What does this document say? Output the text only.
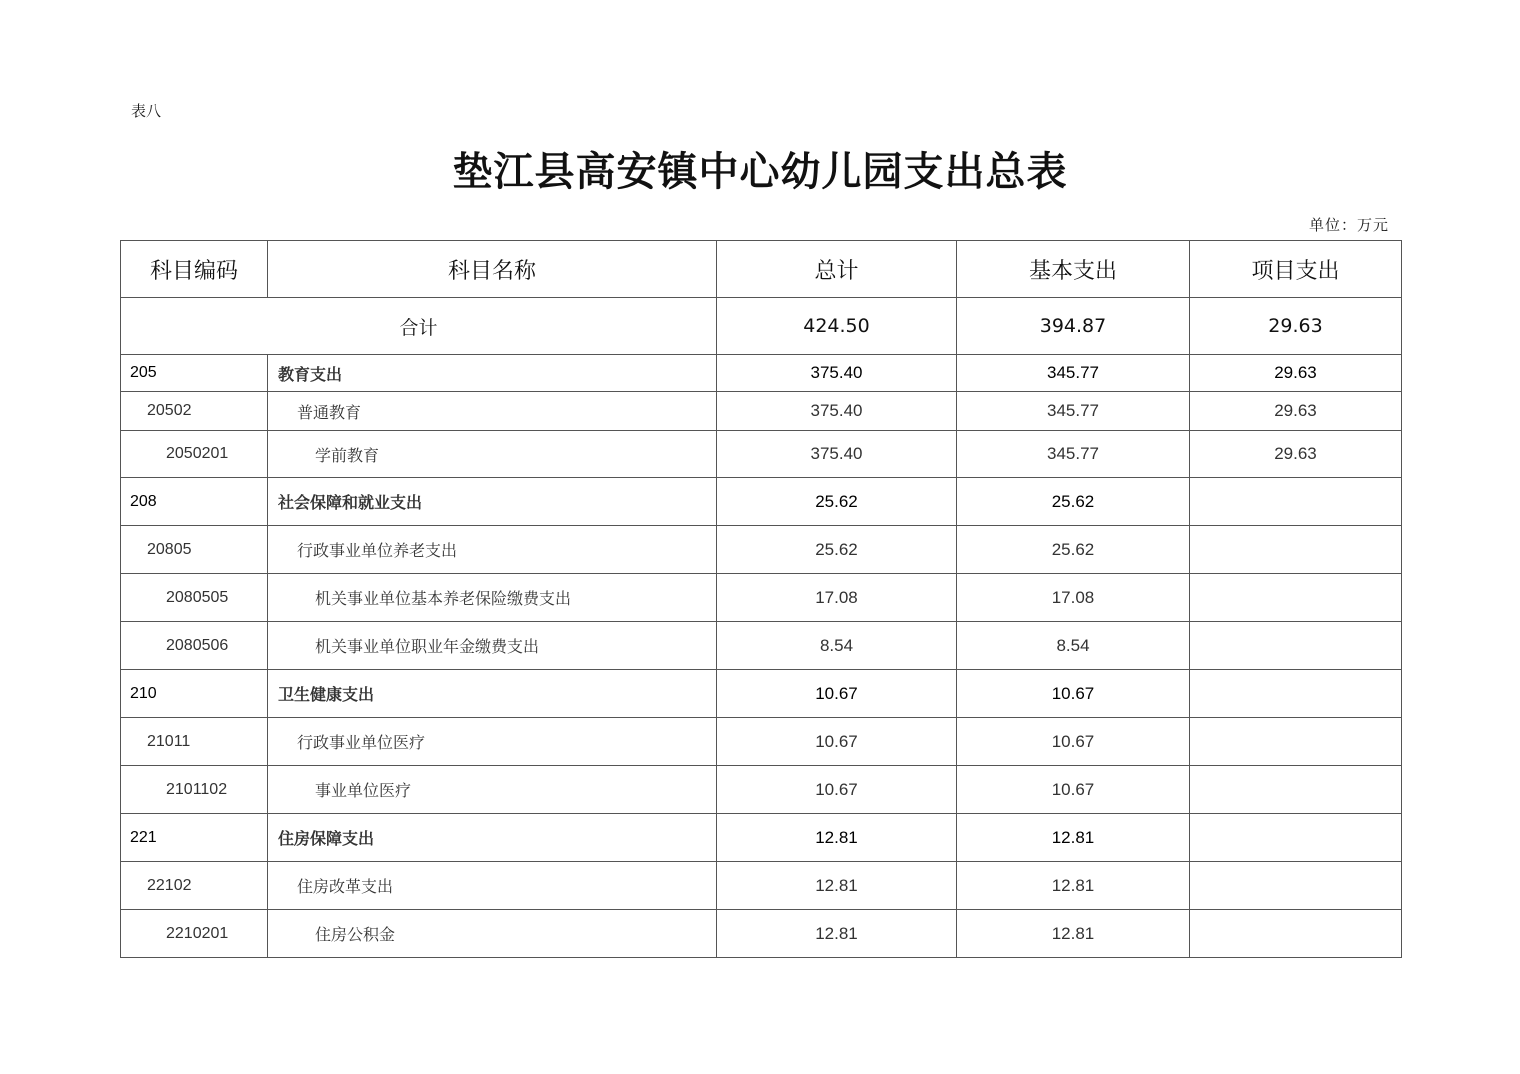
表八
垫江县高安镇中心幼儿园支出总表
单位：万元
科目编码	科目名称	总计	基本支出	项目支出
合计		424.50	394.87	29.63
205	教育支出	375.40	345.77	29.63
20502	普通教育	375.40	345.77	29.63
2050201	学前教育	375.40	345.77	29.63
208	社会保障和就业支出	25.62	25.62	
20805	行政事业单位养老支出	25.62	25.62	
2080505	机关事业单位基本养老保险缴费支出	17.08	17.08	
2080506	机关事业单位职业年金缴费支出	8.54	8.54	
210	卫生健康支出	10.67	10.67	
21011	行政事业单位医疗	10.67	10.67	
2101102	事业单位医疗	10.67	10.67	
221	住房保障支出	12.81	12.81	
22102	住房改革支出	12.81	12.81	
2210201	住房公积金	12.81	12.81	
